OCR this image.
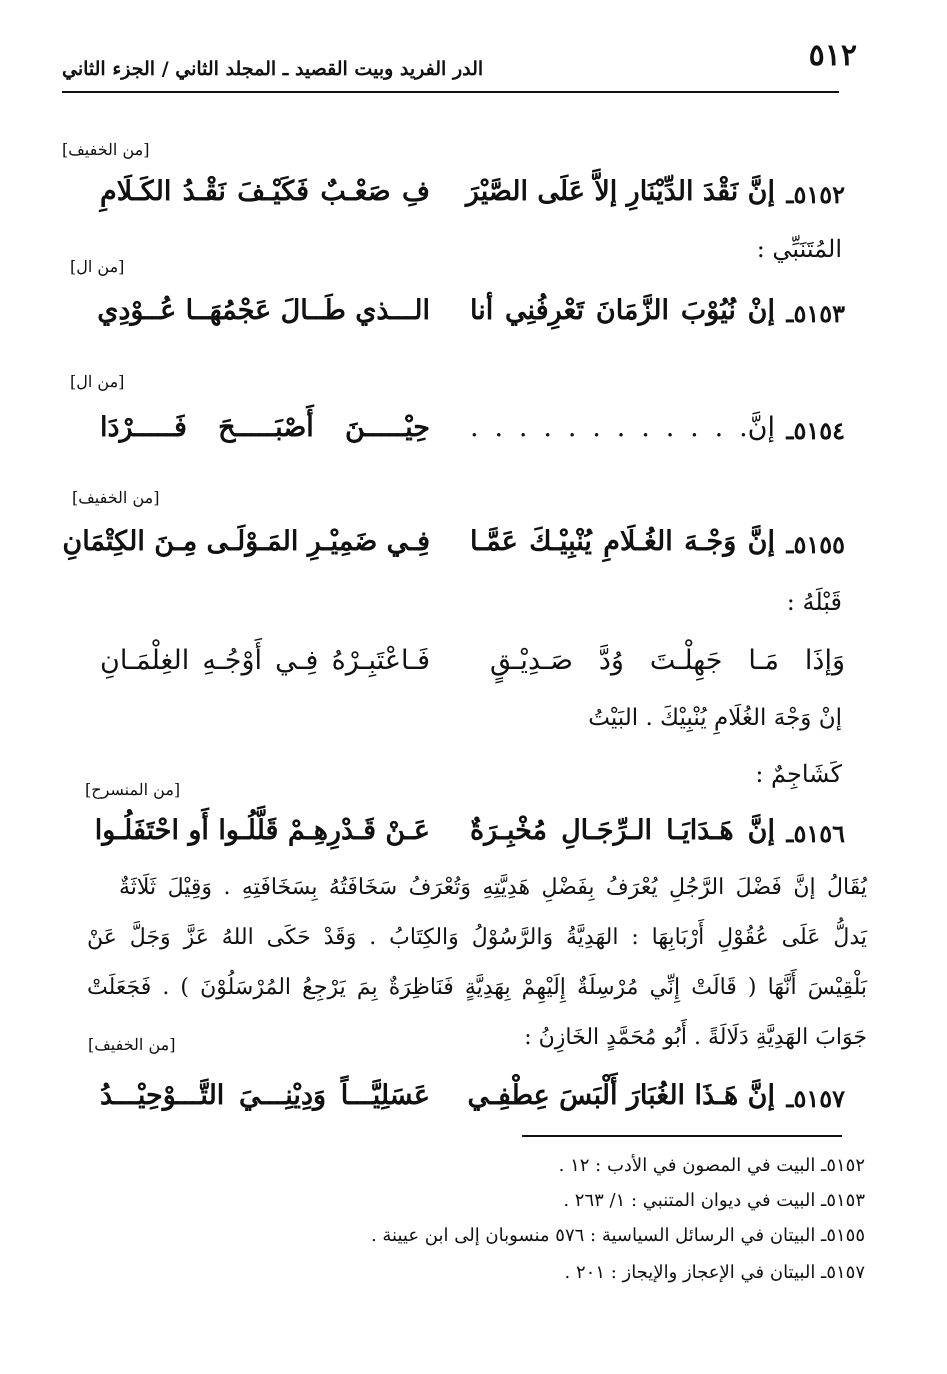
٥١٢
الدر الفريد وبيت القصيد ـ المجلد الثاني / الجزء الثاني
[من الخفيف]
٥١٥٢ـ
إنَّ نَقْدَ الدِّيْنَارِ إلاَّ عَلَى الصَّيْرَ
فِ صَعْـبٌ فَكَيْـفَ نَقْـدُ الكَـلَامِ
المُتَنَبِّي :
[من ال]
٥١٥٣ـ
إنْ نُيُوْبَ الزَّمَانَ تَعْرِفُنِي أنا
الـــذي طَــالَ عَجْمُهَــا عُــوْدِي
[من ال]
٥١٥٤ـ
إنَّ. . . . . . . . . . . .
حِيْـــــنَ أَصْبَـــــحَ فَـــــرْدَا
[من الخفيف]
٥١٥٥ـ
إنَّ وَجْـهَ الغُـلَامِ يُنْبِيْـكَ عَمَّـا
فِـي ضَمِيْـرِ المَـوْلَـى مِـنَ الكِتْمَانِ
قَبْلَهُ :
وَإذَا مَـا جَهِلْـتَ وُدَّ صَـدِيْـقٍ
فَـاعْتَبِـرْهُ فِـي أَوْجُـهِ الغِلْمَـانِ
إنْ وَجْهَ الغُلَامِ يُنْبِيْكَ . البَيْتُ
كَشَاجِمٌ :
[من المنسرح]
٥١٥٦ـ
إنَّ هَـدَايَـا الـرِّجَـالِ مُخْبِـرَةٌ
عَـنْ قَـدْرِهِـمْ قَلَّلُـوا أَو احْتَفَلُـوا
يُقَالُ إنَّ فَضْلَ الرَّجُلِ يُعْرَفُ بِفَضْلِ هَدِيَّتِهِ وَتُعْرَفُ سَخَافَتُهُ بِسَخَافَتِهِ . وَقِيْلَ ثَلَاثَةٌ
يَدلُّ عَلَى عُقُوْلِ أَرْبَابِهَا : الهَدِيَّةُ وَالرَّسُوْلُ وَالكِتَابُ . وَقَدْ حَكَى اللهُ عَزَّ وَجَلَّ عَنْ
بَلْقِيْسَ أَنَّهَا ( قَالَتْ إِنِّي مُرْسِلَةٌ إِلَيْهِمْ بِهَدِيَّةٍ فَنَاظِرَةٌ بِمَ يَرْجِعُ المُرْسَلُوْنَ ) . فَجَعَلَتْ
جَوَابَ الهَدِيَّةِ دَلَالَةً . أَبُو مُحَمَّدٍ الخَازِنُ :
[من الخفيف]
٥١٥٧ـ
إنَّ هَـذَا الغُبَارَ أَلْبَسَ عِطْفِـي
عَسَلِيَّـــاً وَدِيْنِـــيَ التَّـــوْحِيْـــدُ
٥١٥٢ـ البيت في المصون في الأدب : ١٢ .
٥١٥٣ـ البيت في ديوان المتنبي : ١/ ٢٦٣ .
٥١٥٥ـ البيتان في الرسائل السياسية : ٥٧٦ منسوبان إلى ابن عيينة .
٥١٥٧ـ البيتان في الإعجاز والإيجاز : ٢٠١ .
